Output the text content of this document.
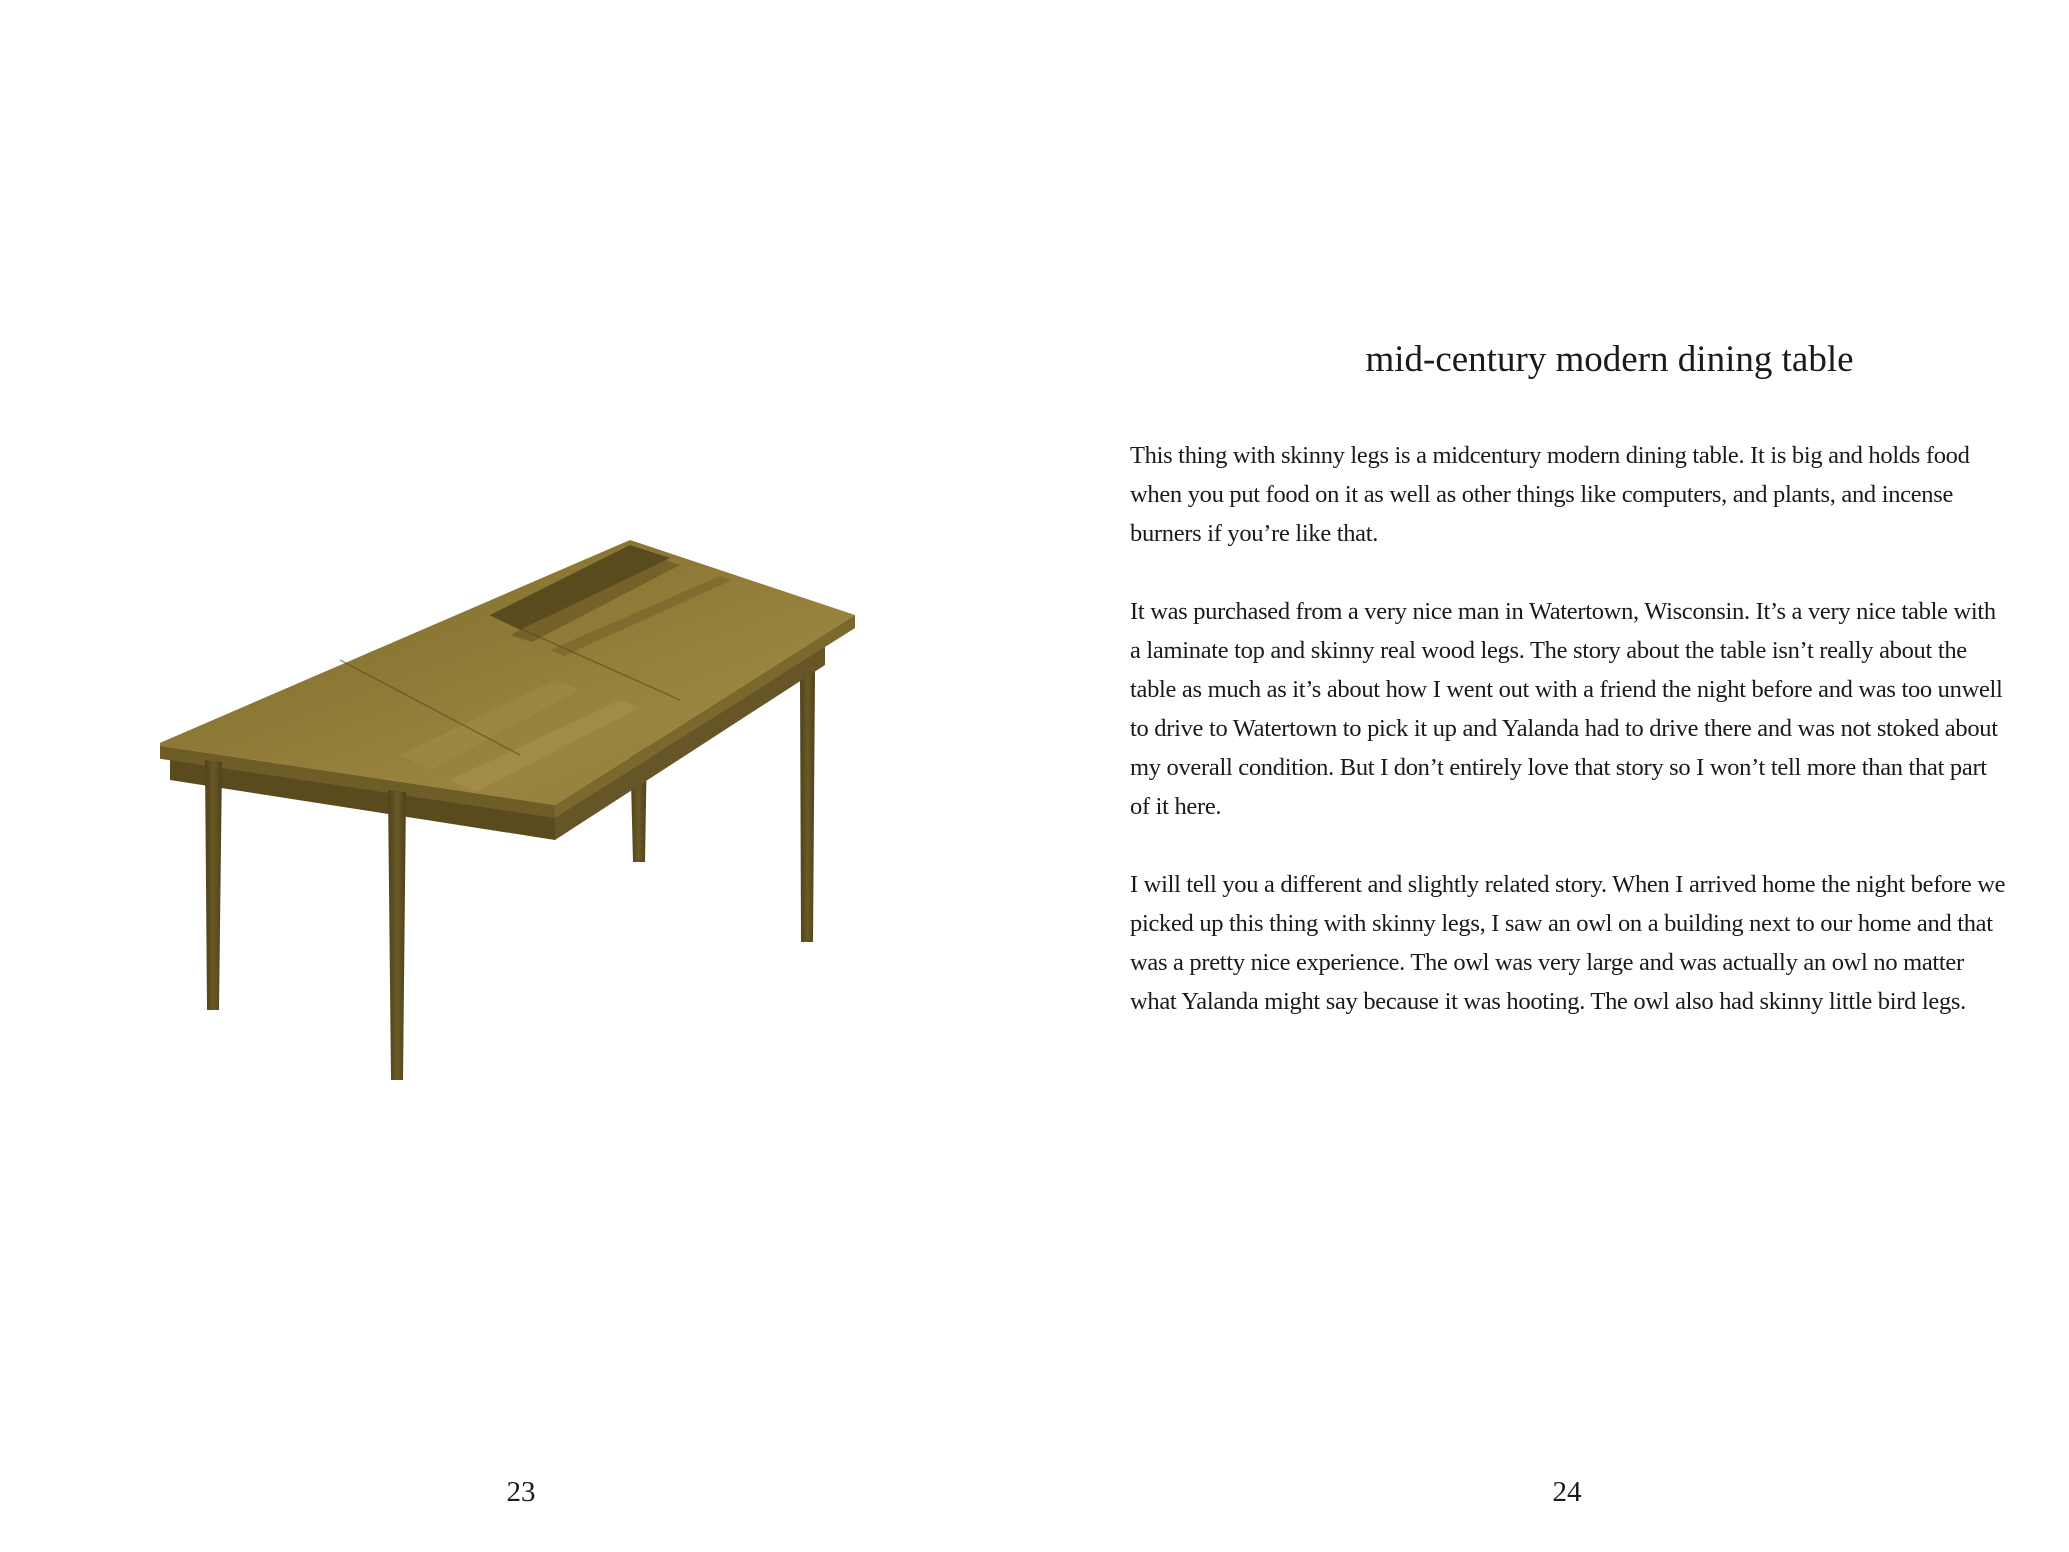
23
mid-century modern dining table

This thing with skinny legs is a midcentury modern dining table. It is big and holds food when you put food on it as well as other things like computers, and plants, and incense burners if you’re like that.

It was purchased from a very nice man in Watertown, Wisconsin. It’s a very nice table with a laminate top and skinny real wood legs. The story about the table isn’t really about the table as much as it’s about how I went out with a friend the night before and was too unwell to drive to Watertown to pick it up and Yalanda had to drive there and was not stoked about my overall condition. But I don’t entirely love that story so I won’t tell more than that part of it here.

I will tell you a different and slightly related story. When I arrived home the night before we picked up this thing with skinny legs, I saw an owl on a building next to our home and that was a pretty nice experience. The owl was very large and was actually an owl no matter what Yalanda might say because it was hooting. The owl also had skinny little bird legs.

24
